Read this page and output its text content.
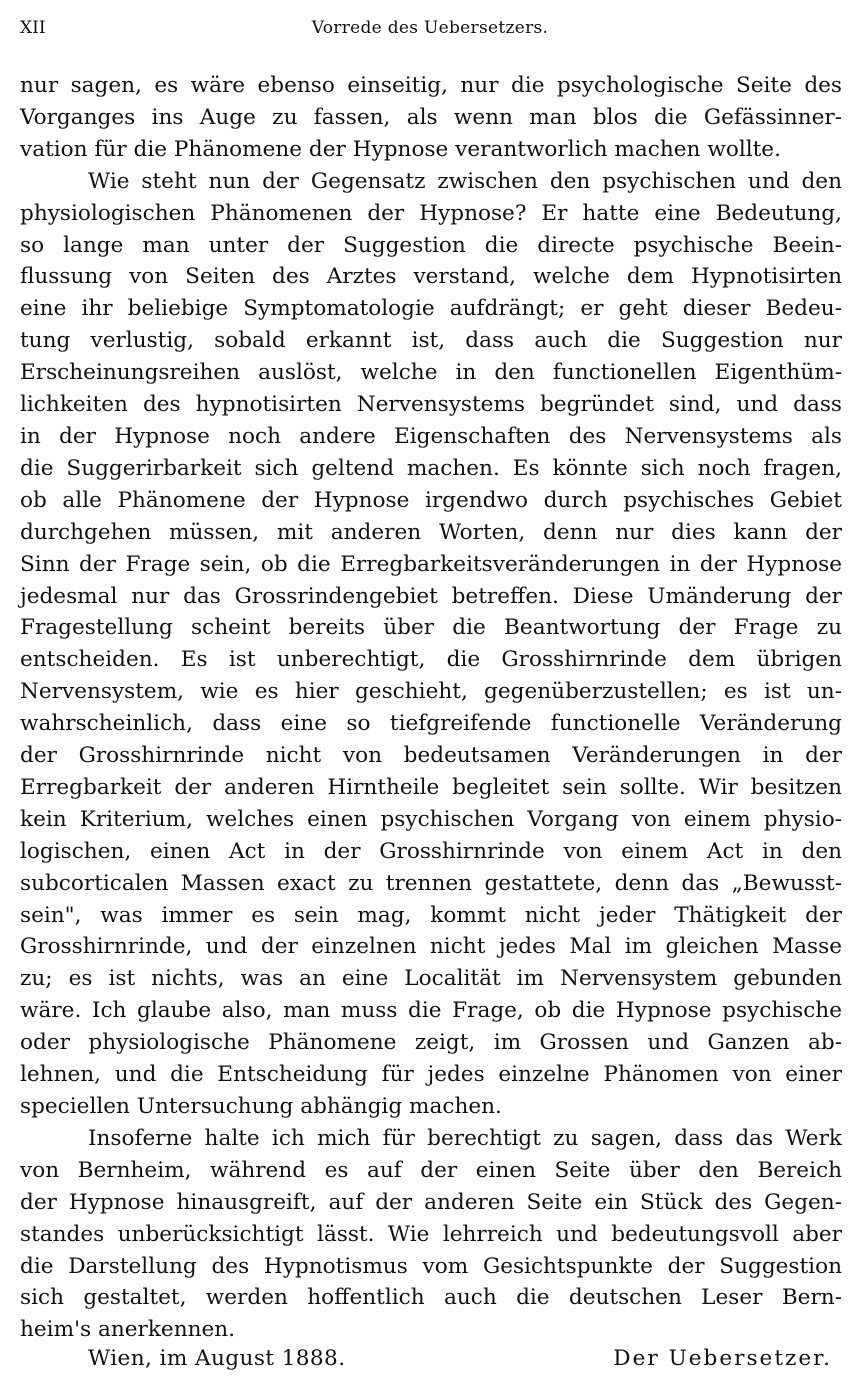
XII	Vorrede des Uebersetzers.
nur sagen, es wäre ebenso einseitig, nur die psychologische Seite des
Vorganges ins Auge zu fassen, als wenn man blos die Gefässinner-
vation für die Phänomene der Hypnose verantworlich machen wollte.
Wie steht nun der Gegensatz zwischen den psychischen und den
physiologischen Phänomenen der Hypnose? Er hatte eine Bedeutung,
so lange man unter der Suggestion die directe psychische Beein-
flussung von Seiten des Arztes verstand, welche dem Hypnotisirten
eine ihr beliebige Symptomatologie aufdrängt; er geht dieser Bedeu-
tung verlustig, sobald erkannt ist, dass auch die Suggestion nur
Erscheinungsreihen auslöst, welche in den functionellen Eigenthüm-
lichkeiten des hypnotisirten Nervensystems begründet sind, und dass
in der Hypnose noch andere Eigenschaften des Nervensystems als
die Suggerirbarkeit sich geltend machen. Es könnte sich noch fragen,
ob alle Phänomene der Hypnose irgendwo durch psychisches Gebiet
durchgehen müssen, mit anderen Worten, denn nur dies kann der
Sinn der Frage sein, ob die Erregbarkeitsveränderungen in der Hypnose
jedesmal nur das Grossrindengebiet betreffen. Diese Umänderung der
Fragestellung scheint bereits über die Beantwortung der Frage zu
entscheiden. Es ist unberechtigt, die Grosshirnrinde dem übrigen
Nervensystem, wie es hier geschieht, gegenüberzustellen; es ist un-
wahrscheinlich, dass eine so tiefgreifende functionelle Veränderung
der Grosshirnrinde nicht von bedeutsamen Veränderungen in der
Erregbarkeit der anderen Hirntheile begleitet sein sollte. Wir besitzen
kein Kriterium, welches einen psychischen Vorgang von einem physio-
logischen, einen Act in der Grosshirnrinde von einem Act in den
subcorticalen Massen exact zu trennen gestattete, denn das „Bewusst-
sein", was immer es sein mag, kommt nicht jeder Thätigkeit der
Grosshirnrinde, und der einzelnen nicht jedes Mal im gleichen Masse
zu; es ist nichts, was an eine Localität im Nervensystem gebunden
wäre. Ich glaube also, man muss die Frage, ob die Hypnose psychische
oder physiologische Phänomene zeigt, im Grossen und Ganzen ab-
lehnen, und die Entscheidung für jedes einzelne Phänomen von einer
speciellen Untersuchung abhängig machen.
Insoferne halte ich mich für berechtigt zu sagen, dass das Werk
von Bernheim, während es auf der einen Seite über den Bereich
der Hypnose hinausgreift, auf der anderen Seite ein Stück des Gegen-
standes unberücksichtigt lässt. Wie lehrreich und bedeutungsvoll aber
die Darstellung des Hypnotismus vom Gesichtspunkte der Suggestion
sich gestaltet, werden hoffentlich auch die deutschen Leser Bern-
heim's anerkennen.
Wien, im August 1888.	Der Uebersetzer.
